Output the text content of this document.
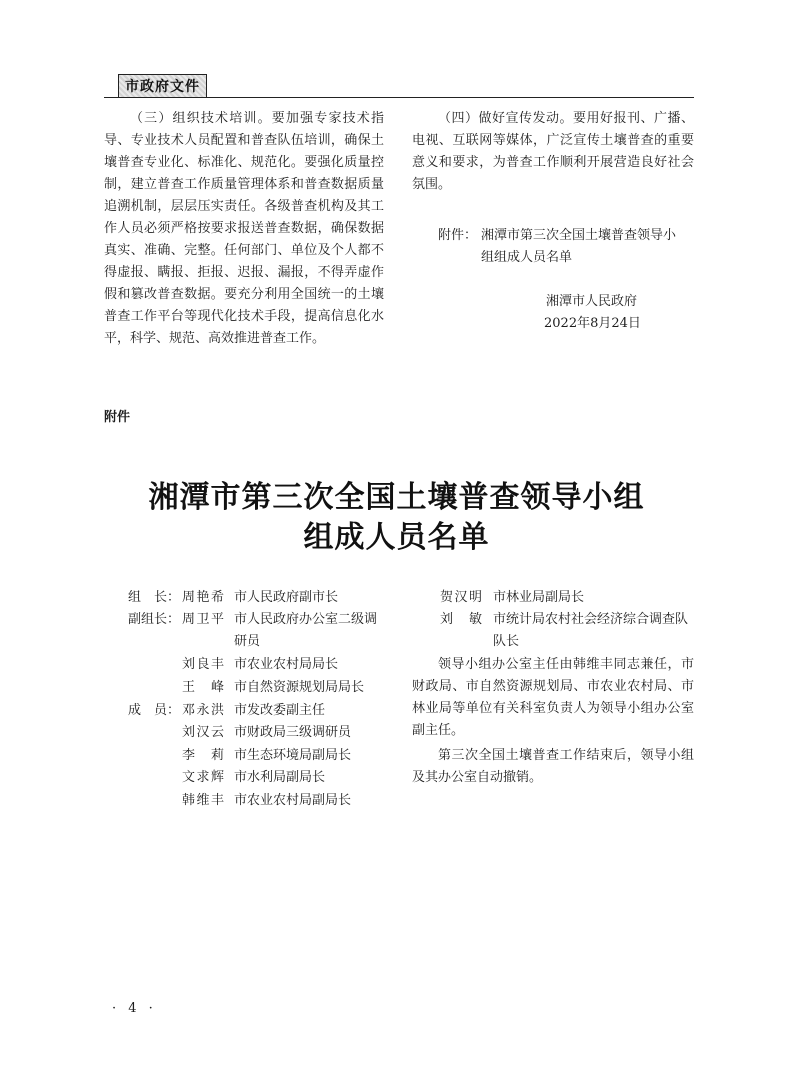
市政府文件

（三）组织技术培训。要加强专家技术指导、专业技术人员配置和普查队伍培训，确保土壤普查专业化、标准化、规范化。要强化质量控制，建立普查工作质量管理体系和普查数据质量追溯机制，层层压实责任。各级普查机构及其工作人员必须严格按要求报送普查数据，确保数据真实、准确、完整。任何部门、单位及个人都不得虚报、瞒报、拒报、迟报、漏报，不得弄虚作假和篡改普查数据。要充分利用全国统一的土壤普查工作平台等现代化技术手段，提高信息化水平，科学、规范、高效推进普查工作。

（四）做好宣传发动。要用好报刊、广播、电视、互联网等媒体，广泛宣传土壤普查的重要意义和要求，为普查工作顺利开展营造良好社会氛围。

附件： 湘潭市第三次全国土壤普查领导小
组组成人员名单
湘潭市人民政府
2022年8月24日
附件
湘潭市第三次全国土壤普查领导小组
组成人员名单
组　长： 周艳希 市人民政府副市长
副组长： 周卫平 市人民政府办公室二级调研员
刘良丰 市农业农村局局长
王峰 市自然资源规划局局长
成　员： 邓永洪 市发改委副主任
刘汉云 市财政局三级调研员
李莉 市生态环境局副局长
文求辉 市水利局副局长
韩维丰 市农业农村局副局长
贺汉明 市林业局副局长
刘敏 市统计局农村社会经济综合调查队队长

领导小组办公室主任由韩维丰同志兼任，市财政局、市自然资源规划局、市农业农村局、市林业局等单位有关科室负责人为领导小组办公室副主任。

第三次全国土壤普查工作结束后，领导小组及其办公室自动撤销。

· 4 ·
